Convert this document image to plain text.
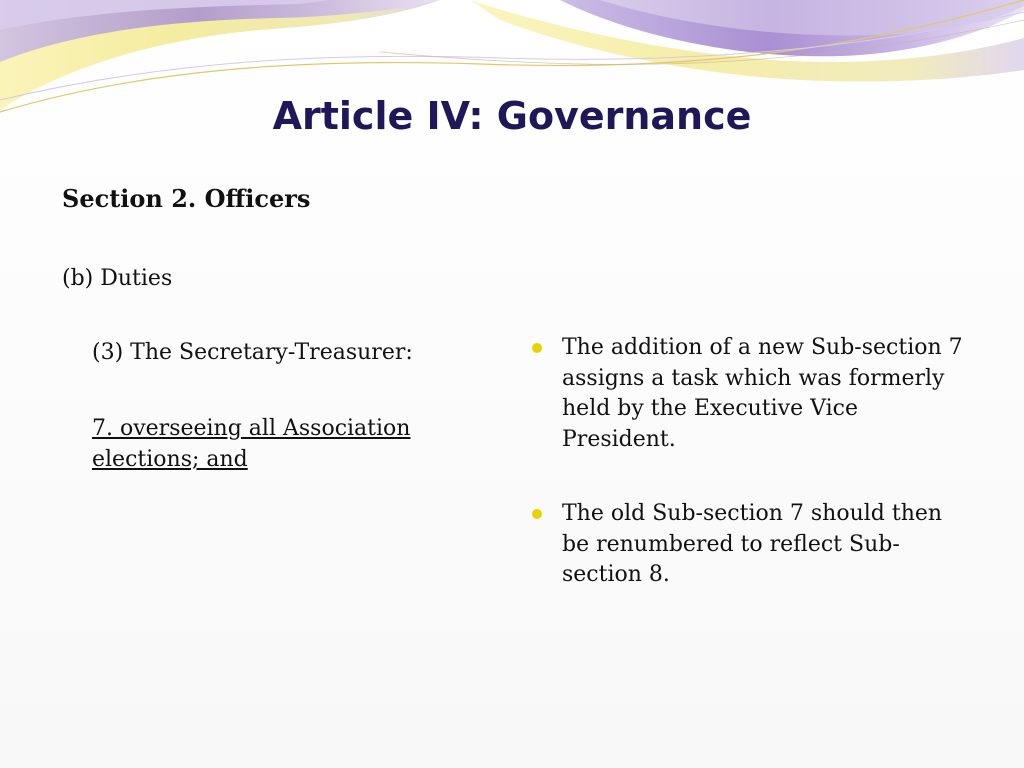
Article IV: Governance

Section 2. Officers

(b) Duties

(3) The Secretary-Treasurer:

7. overseeing all Association elections; and

The addition of a new Sub-section 7 assigns a task which was formerly held by the Executive Vice President.
The old Sub-section 7 should then be renumbered to reflect Sub-section 8.
